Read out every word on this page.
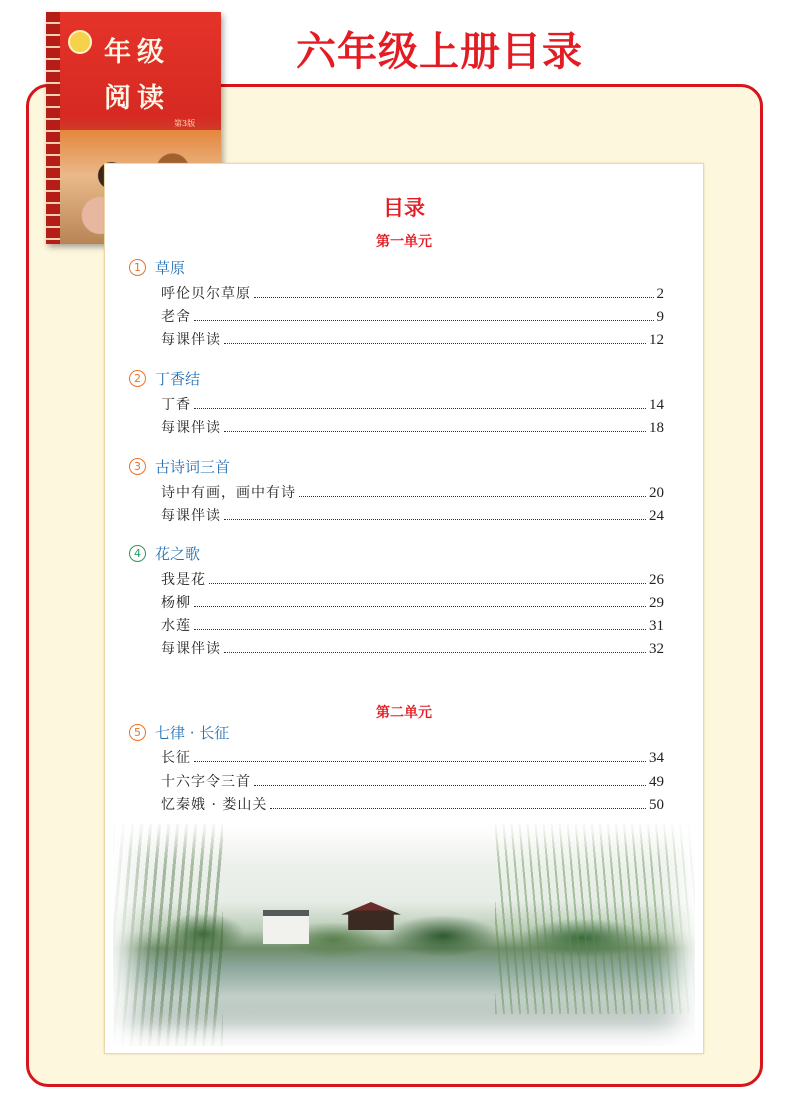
六年级上册目录
年级
阅读
第3版
目录
第一单元
1 草原
呼伦贝尔草原	2
老舍	9
每课伴读	12
2 丁香结
丁香	14
每课伴读	18
3 古诗词三首
诗中有画，画中有诗	20
每课伴读	24
4 花之歌
我是花	26
杨柳	29
水莲	31
每课伴读	32
第二单元
5 七律 · 长征
长征	34
十六字令三首	49
忆秦娥 · 娄山关	50
